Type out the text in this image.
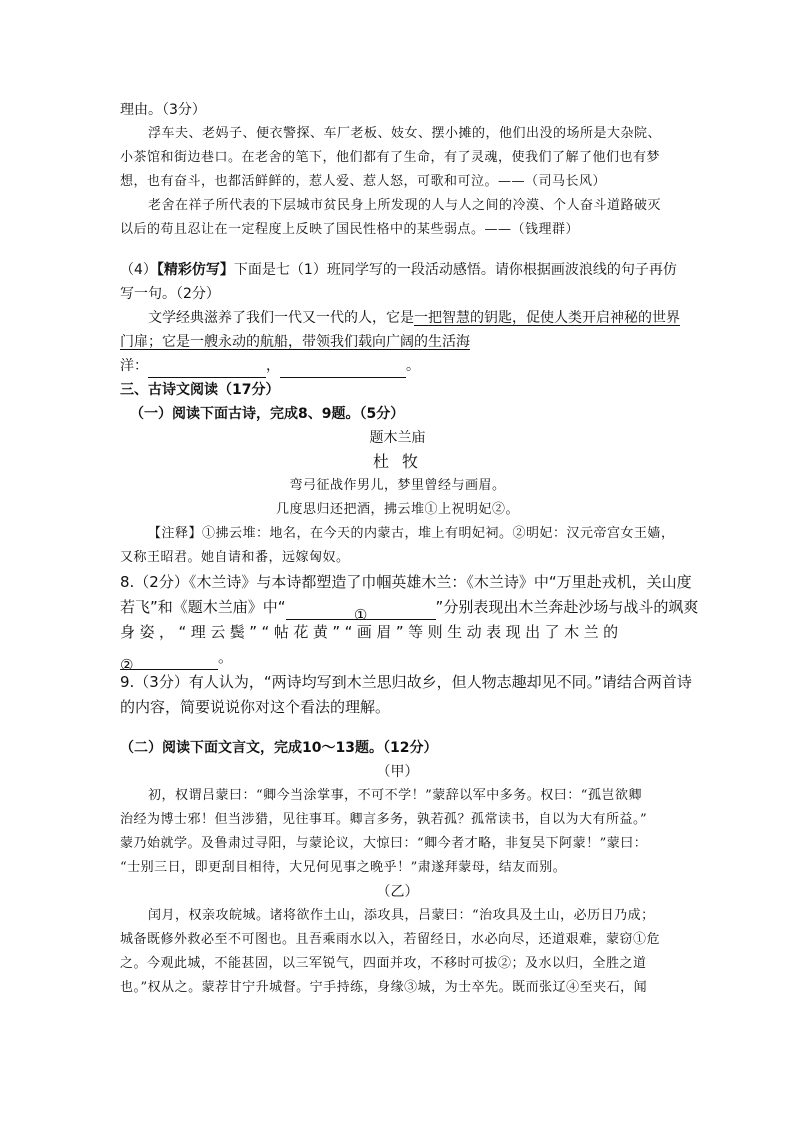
理由。（3分）

浮车夫、老妈子、便衣警探、车厂老板、妓女、摆小摊的，他们出没的场所是大杂院、

小茶馆和街边巷口。在老舍的笔下，他们都有了生命，有了灵魂，使我们了解了他们也有梦

想，也有奋斗，也都活鲜鲜的，惹人爱、惹人怒，可歌和可泣。——（司马长风）

老舍在祥子所代表的下层城市贫民身上所发现的人与人之间的冷漠、个人奋斗道路破灭

以后的苟且忍让在一定程度上反映了国民性格中的某些弱点。——（钱理群）

（4）【精彩仿写】下面是七（1）班同学写的一段活动感悟。请你根据画波浪线的句子再仿

写一句。（2分）

文学经典滋养了我们一代又一代的人，它是一把智慧的钥匙，促使人类开启神秘的世界

门扉；它是一艘永动的航船，带领我们载向广阔的生活海

洋：	，	。

三、古诗文阅读（17分）

（一）阅读下面古诗，完成8、9题。（5分）

题木兰庙

杜 牧

弯弓征战作男儿，梦里曾经与画眉。

几度思归还把酒，拂云堆①上祝明妃②。

【注释】①拂云堆：地名，在今天的内蒙古，堆上有明妃祠。②明妃：汉元帝宫女王嫱，

又称王昭君。她自请和番，远嫁匈奴。

8.（2分）《木兰诗》与本诗都塑造了巾帼英雄木兰：《木兰诗》中“万里赴戎机，关山度

若飞”和《题木兰庙》中“	①	”分别表现出木兰奔赴沙场与战斗的飒爽

身姿，“理云鬓”“帖花黄”“画眉”等则生动表现出了木兰的

②	。

9.（3分）有人认为，“两诗均写到木兰思归故乡，但人物志趣却见不同。”请结合两首诗

的内容，简要说说你对这个看法的理解。

（二）阅读下面文言文，完成10～13题。（12分）

（甲）

初，权谓吕蒙曰：“卿今当涂掌事，不可不学！”蒙辞以军中多务。权曰：“孤岂欲卿

治经为博士邪！但当涉猎，见往事耳。卿言多务，孰若孤？孤常读书，自以为大有所益。”

蒙乃始就学。及鲁肃过寻阳，与蒙论议，大惊曰：“卿今者才略，非复吴下阿蒙！”蒙曰：

“士别三日，即更刮目相待，大兄何见事之晚乎！”肃遂拜蒙母，结友而别。

（乙）

闰月，权亲攻皖城。诸将欲作土山，添攻具，吕蒙曰：“治攻具及土山，必历日乃成；

城备既修外救必至不可图也。且吾乘雨水以入，若留经日，水必向尽，还道艰难，蒙窃①危

之。今观此城，不能甚固，以三军锐气，四面并攻，不移时可拔②；及水以归，全胜之道

也。”权从之。蒙荐甘宁升城督。宁手持练，身缘③城，为士卒先。既而张辽④至夹石，闻
